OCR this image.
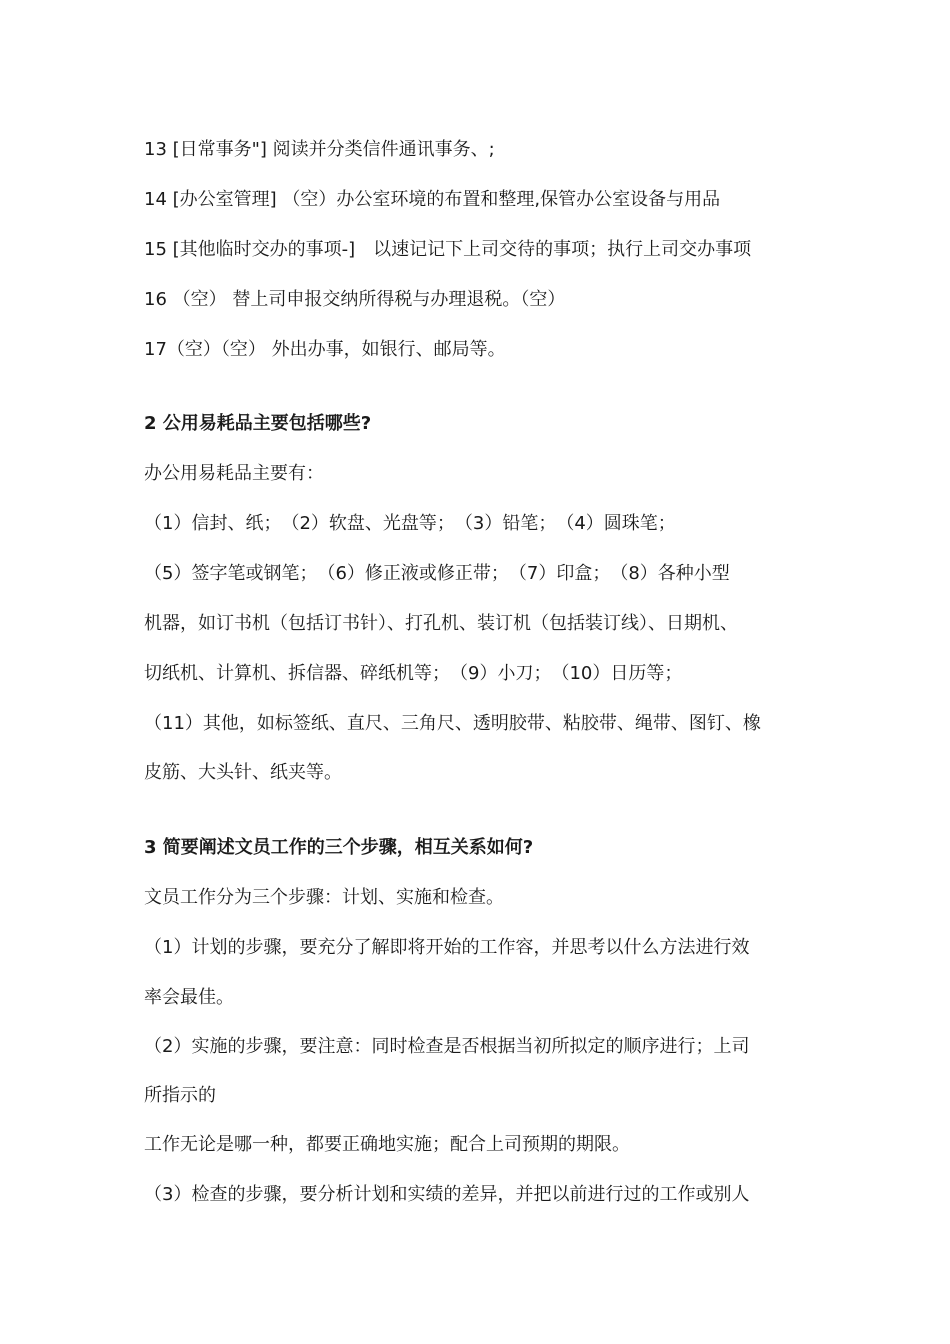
13 [日常事务"] 阅读并分类信件通讯事务、;
14 [办公室管理] （空）办公室环境的布置和整理,保管办公室设备与用品
15 [其他临时交办的事项-]　以速记记下上司交待的事项；执行上司交办事项
16 （空） 替上司申报交纳所得税与办理退税。（空）
17（空）（空） 外出办事，如银行、邮局等。
2 公用易耗品主要包括哪些?
办公用易耗品主要有：
（1）信封、纸；　（2）软盘、光盘等；　（3）铅笔；　（4）圆珠笔；
（5）签字笔或钢笔；　（6）修正液或修正带；　（7）印盒；　（8）各种小型
机器，如订书机（包括订书针）、打孔机、装订机（包括装订线）、日期机、
切纸机、计算机、拆信器、碎纸机等；　（9）小刀；　（10）日历等；
（11）其他，如标签纸、直尺、三角尺、透明胶带、粘胶带、绳带、图钉、橡
皮筋、大头针、纸夹等。
3 简要阐述文员工作的三个步骤，相互关系如何?
文员工作分为三个步骤：计划、实施和检查。
（1）计划的步骤，要充分了解即将开始的工作容，并思考以什么方法进行效
率会最佳。
（2）实施的步骤，要注意：同时检查是否根据当初所拟定的顺序进行；上司
所指示的
工作无论是哪一种，都要正确地实施；配合上司预期的期限。
（3）检查的步骤，要分析计划和实绩的差异，并把以前进行过的工作或别人
